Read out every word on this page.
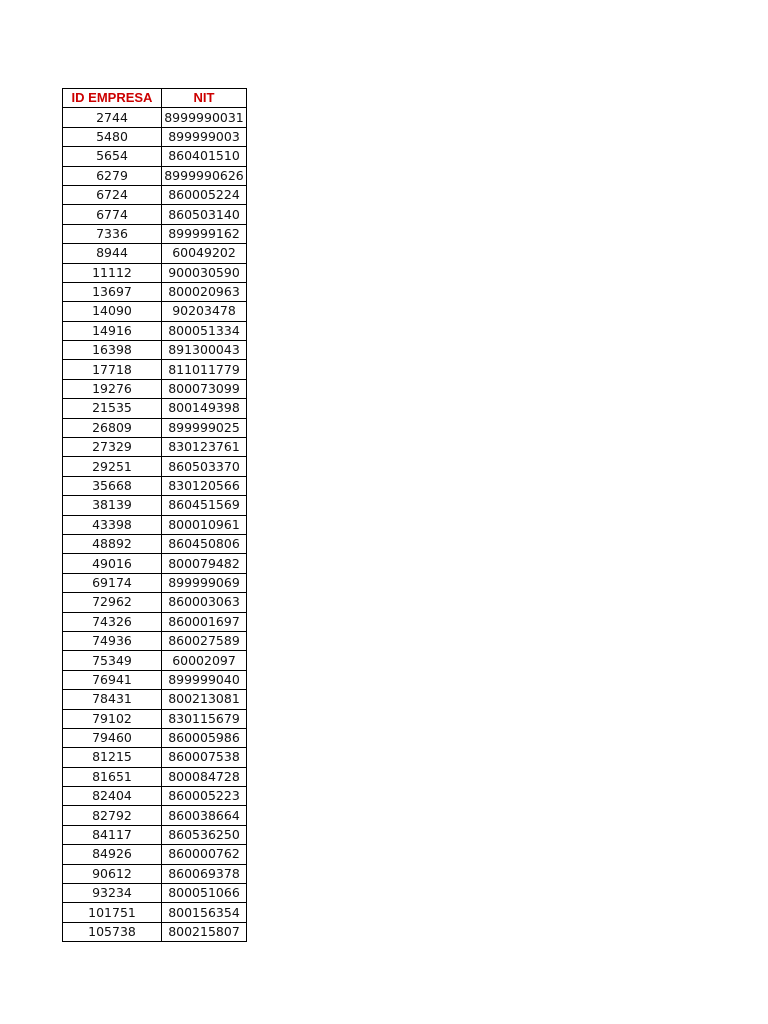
ID EMPRESA	NIT
2744	8999990031
5480	899999003
5654	860401510
6279	8999990626
6724	860005224
6774	860503140
7336	899999162
8944	60049202
11112	900030590
13697	800020963
14090	90203478
14916	800051334
16398	891300043
17718	811011779
19276	800073099
21535	800149398
26809	899999025
27329	830123761
29251	860503370
35668	830120566
38139	860451569
43398	800010961
48892	860450806
49016	800079482
69174	899999069
72962	860003063
74326	860001697
74936	860027589
75349	60002097
76941	899999040
78431	800213081
79102	830115679
79460	860005986
81215	860007538
81651	800084728
82404	860005223
82792	860038664
84117	860536250
84926	860000762
90612	860069378
93234	800051066
101751	800156354
105738	800215807
